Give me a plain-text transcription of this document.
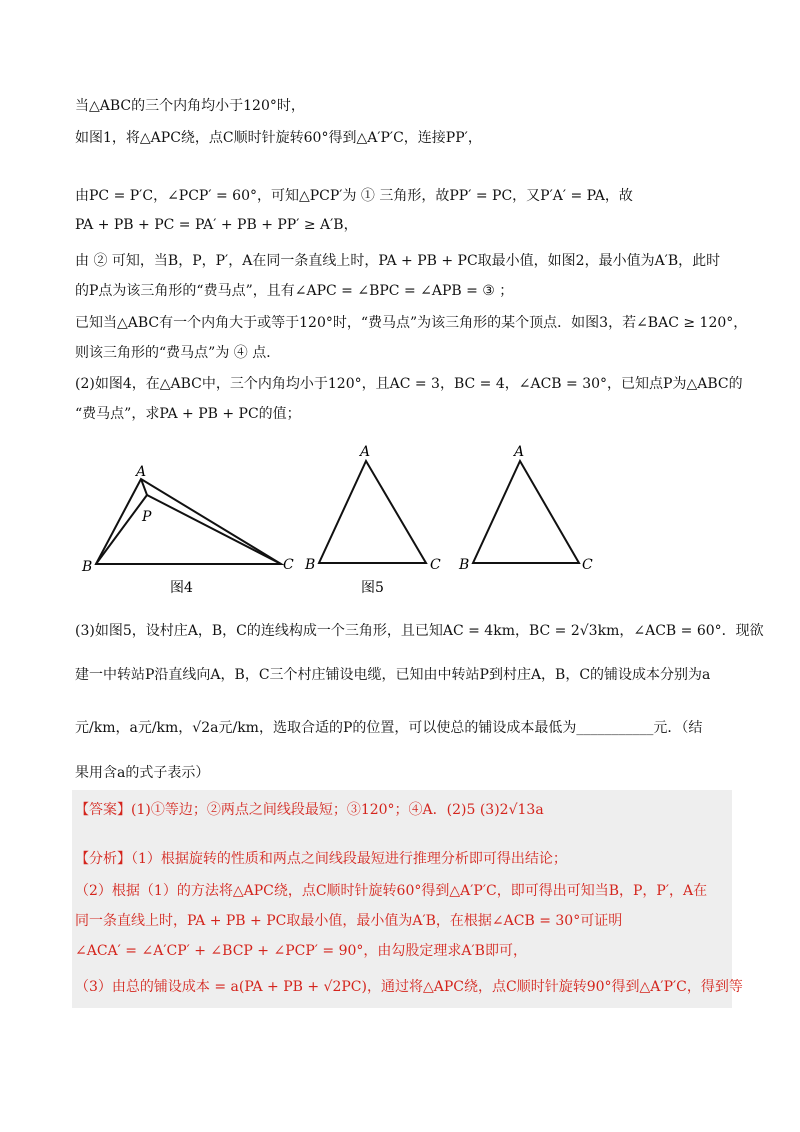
当△ABC的三个内角均小于120°时，
如图1，将△APC绕，点C顺时针旋转60°得到△A′P′C，连接PP′，
由PC = P′C，∠PCP′ = 60°，可知△PCP′为 ① 三角形，故PP′ = PC，又P′A′ = PA，故
PA + PB + PC = PA′ + PB + PP′ ≥ A′B，
由 ② 可知，当B，P，P′，A在同一条直线上时，PA + PB + PC取最小值，如图2，最小值为A′B，此时
的P点为该三角形的“费马点”，且有∠APC = ∠BPC = ∠APB = ③ ；
已知当△ABC有一个内角大于或等于120°时，“费马点”为该三角形的某个顶点．如图3，若∠BAC ≥ 120°，
则该三角形的“费马点”为 ④ 点．
(2)如图4，在△ABC中，三个内角均小于120°，且AC = 3，BC = 4，∠ACB = 30°，已知点P为△ABC的
“费马点”，求PA + PB + PC的值；
A
P
B	C
图4
A
B	C
图5
A
B	C
(3)如图5，设村庄A，B，C的连线构成一个三角形，且已知AC = 4km，BC = 2√3km，∠ACB = 60°．现欲
建一中转站P沿直线向A，B，C三个村庄铺设电缆，已知由中转站P到村庄A，B，C的铺设成本分别为a
元/km，a元/km，√2a元/km，选取合适的P的位置，可以使总的铺设成本最低为___________元．（结
果用含a的式子表示）
【答案】(1)①等边；②两点之间线段最短；③120°；④A．(2)5 (3)2√13a
【分析】（1）根据旋转的性质和两点之间线段最短进行推理分析即可得出结论；
（2）根据（1）的方法将△APC绕，点C顺时针旋转60°得到△A′P′C，即可得出可知当B，P，P′，A在
同一条直线上时，PA + PB + PC取最小值，最小值为A′B，在根据∠ACB = 30°可证明
∠ACA′ = ∠A′CP′ + ∠BCP + ∠PCP′ = 90°，由勾股定理求A′B即可，
（3）由总的铺设成本 = a(PA + PB + √2PC)，通过将△APC绕，点C顺时针旋转90°得到△A′P′C，得到等
